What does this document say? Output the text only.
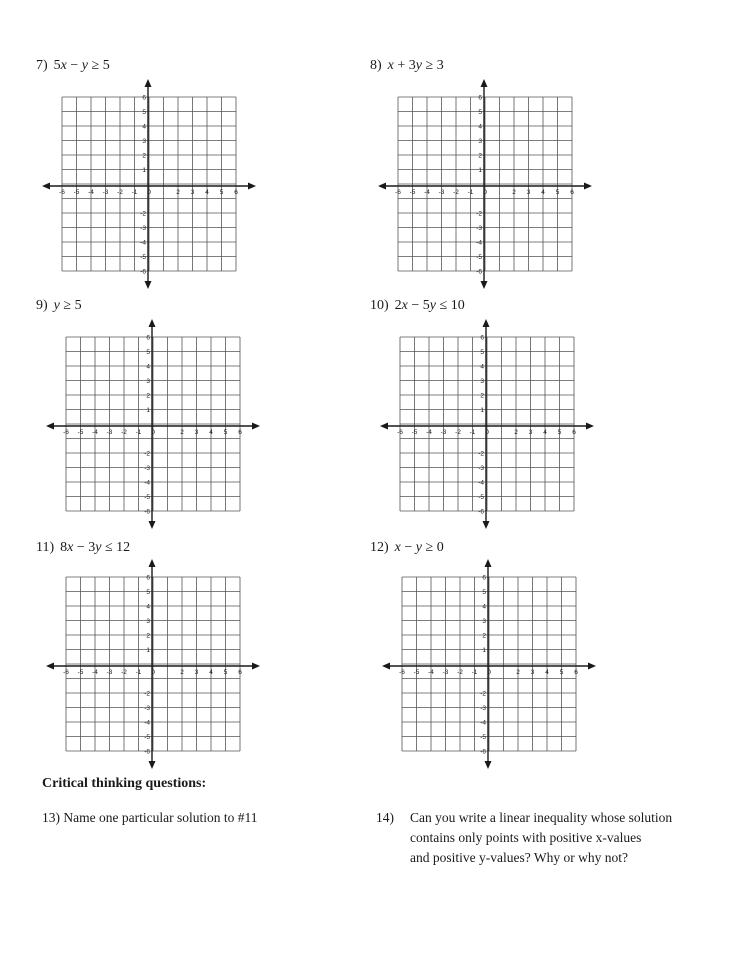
7) 5x − y ≥ 5	8) x + 3y ≥ 3
9) y ≥ 5	10) 2x − 5y ≤ 10
11) 8x − 3y ≤ 12	12) x − y ≥ 0
-6 -5 -4 -3 -2 -1 0	2 3 4 5 6
6
5
4
3
2
1
-2
-3
-4
-5
-6
-6 -5 -4 -3 -2 -1 0	2 3 4 5 6
6
5
4
3
2
1
-2
-3
-4
-5
-6
-6 -5 -4 -3 -2 -1 0	2 3 4 5 6
6
5
4
3
2
1
-2
-3
-4
-5
-6
-6 -5 -4 -3 -2 -1 0	2 3 4 5 6
6
5
4
3
2
1
-2
-3
-4
-5
-6
-6 -5 -4 -3 -2 -1 0	2 3 4 5 6
6
5
4
3
2
1
-2
-3
-4
-5
-6
-6 -5 -4 -3 -2 -1 0	2 3 4 5 6
6
5
4
3
2
1
-2
-3
-4
-5
-6
Critical thinking questions:
13) Name one particular solution to #11	14) Can you write a linear inequality whose solution
contains only points with positive x-values
and positive y-values? Why or why not?
